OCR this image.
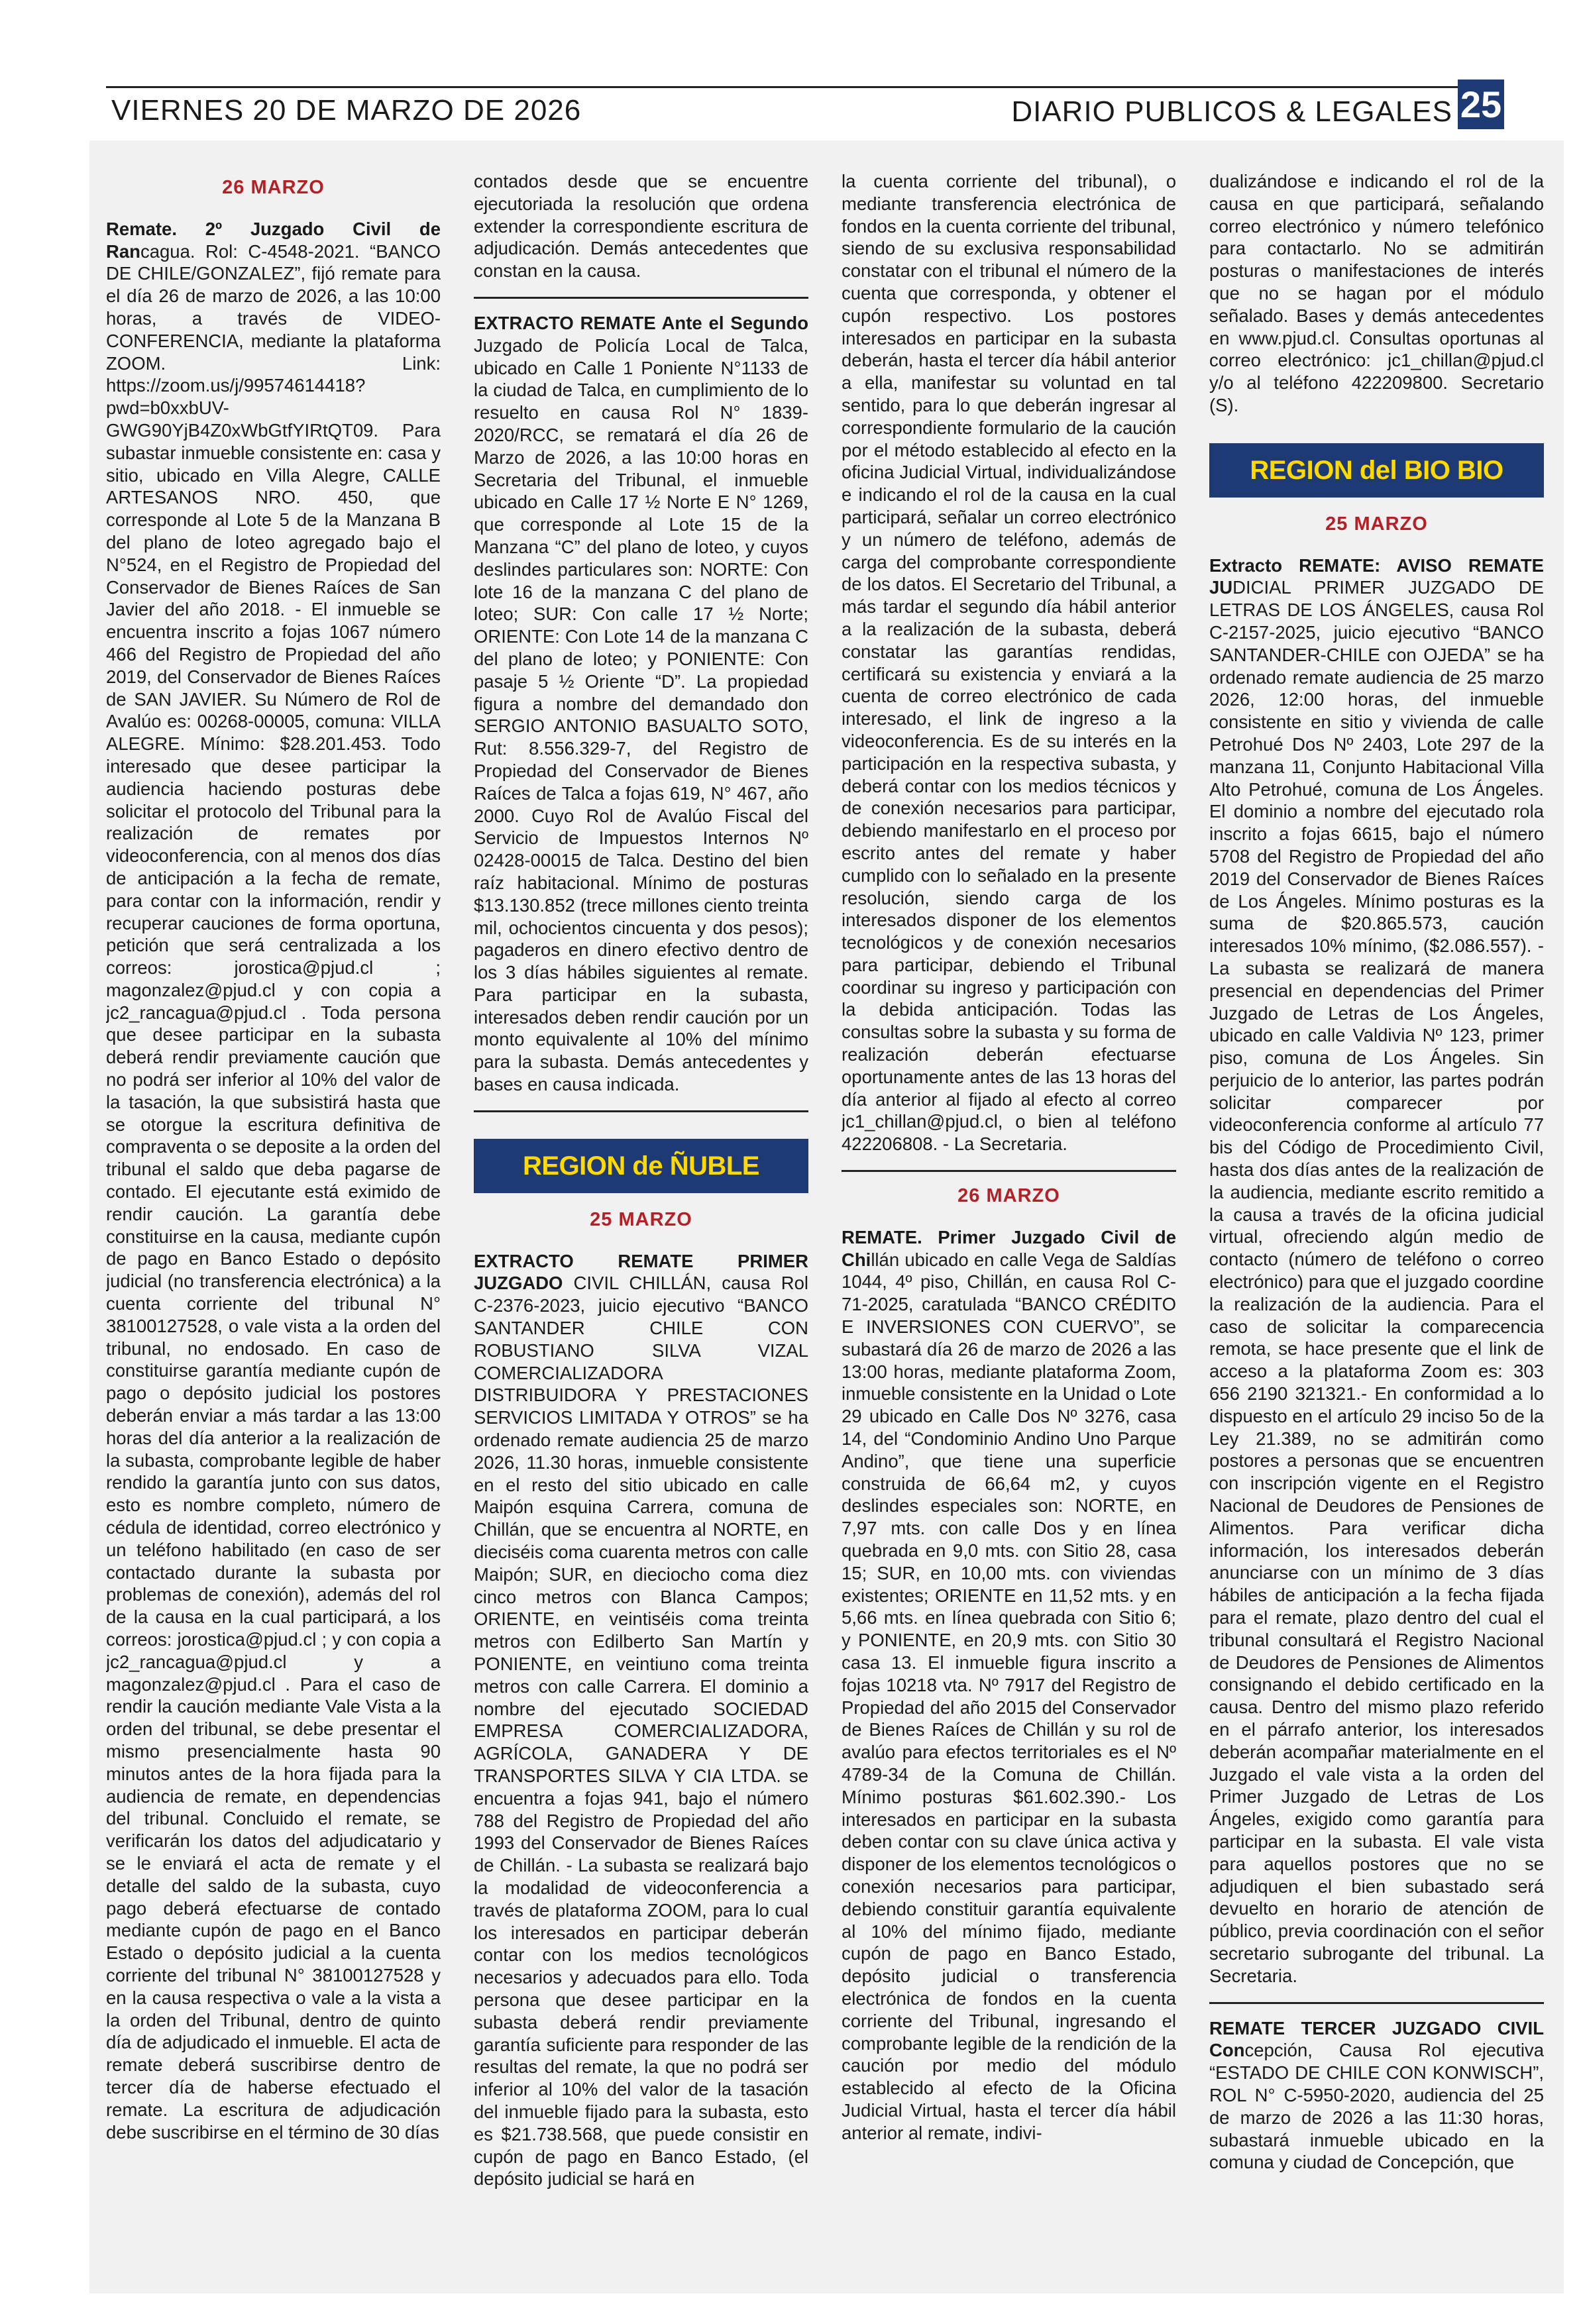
VIERNES 20 DE MARZO DE 2026	DIARIO PUBLICOS & LEGALES 25
26 MARZO

Remate. 2º Juzgado Civil de Rancagua. Rol: C-4548-2021. “BANCO DE CHILE/GONZALEZ”, fijó remate para el día 26 de marzo de 2026, a las 10:00 horas, a través de VIDEO-CONFERENCIA, mediante la plataforma ZOOM. Link: https://zoom.us/j/99574614418? pwd=b0xxbUV-GWG90YjB4Z0xWbGtfYIRtQT09. Para subastar inmueble consistente en: casa y sitio, ubicado en Villa Alegre, CALLE ARTESANOS NRO. 450, que corresponde al Lote 5 de la Manzana B del plano de loteo agregado bajo el N°524, en el Registro de Propiedad del Conservador de Bienes Raíces de San Javier del año 2018. - El inmueble se encuentra inscrito a fojas 1067 número 466 del Registro de Propiedad del año 2019, del Conservador de Bienes Raíces de SAN JAVIER. Su Número de Rol de Avalúo es: 00268-00005, comuna: VILLA ALEGRE. Mínimo: $28.201.453. Todo interesado que desee participar la audiencia haciendo posturas debe solicitar el protocolo del Tribunal para la realización de remates por videoconferencia, con al menos dos días de anticipación a la fecha de remate, para contar con la información, rendir y recuperar cauciones de forma oportuna, petición que será centralizada a los correos: jorostica@pjud.cl ; magonzalez@pjud.cl y con copia a jc2_rancagua@pjud.cl . Toda persona que desee participar en la subasta deberá rendir previamente caución que no podrá ser inferior al 10% del valor de la tasación, la que subsistirá hasta que se otorgue la escritura definitiva de compraventa o se deposite a la orden del tribunal el saldo que deba pagarse de contado. El ejecutante está eximido de rendir caución. La garantía debe constituirse en la causa, mediante cupón de pago en Banco Estado o depósito judicial (no transferencia electrónica) a la cuenta corriente del tribunal N° 38100127528, o vale vista a la orden del tribunal, no endosado. En caso de constituirse garantía mediante cupón de pago o depósito judicial los postores deberán enviar a más tardar a las 13:00 horas del día anterior a la realización de la subasta, comprobante legible de haber rendido la garantía junto con sus datos, esto es nombre completo, número de cédula de identidad, correo electrónico y un teléfono habilitado (en caso de ser contactado durante la subasta por problemas de conexión), además del rol de la causa en la cual participará, a los correos: jorostica@pjud.cl ; y con copia a jc2_rancagua@pjud.cl y a magonzalez@pjud.cl . Para el caso de rendir la caución mediante Vale Vista a la orden del tribunal, se debe presentar el mismo presencialmente hasta 90 minutos antes de la hora fijada para la audiencia de remate, en dependencias del tribunal. Concluido el remate, se verificarán los datos del adjudicatario y se le enviará el acta de remate y el detalle del saldo de la subasta, cuyo pago deberá efectuarse de contado mediante cupón de pago en el Banco Estado o depósito judicial a la cuenta corriente del tribunal N° 38100127528 y en la causa respectiva o vale a la vista a la orden del Tribunal, dentro de quinto día de adjudicado el inmueble. El acta de remate deberá suscribirse dentro de tercer día de haberse efectuado el remate. La escritura de adjudicación debe suscribirse en el término de 30 días

contados desde que se encuentre ejecutoriada la resolución que ordena extender la correspondiente escritura de adjudicación. Demás antecedentes que constan en la causa.

EXTRACTO REMATE Ante el Segundo Juzgado de Policía Local de Talca, ubicado en Calle 1 Poniente N°1133 de la ciudad de Talca, en cumplimiento de lo resuelto en causa Rol N° 1839-2020/RCC, se rematará el día 26 de Marzo de 2026, a las 10:00 horas en Secretaria del Tribunal, el inmueble ubicado en Calle 17 ½ Norte E N° 1269, que corresponde al Lote 15 de la Manzana “C” del plano de loteo, y cuyos deslindes particulares son: NORTE: Con lote 16 de la manzana C del plano de loteo; SUR: Con calle 17 ½ Norte; ORIENTE: Con Lote 14 de la manzana C del plano de loteo; y PONIENTE: Con pasaje 5 ½ Oriente “D”. La propiedad figura a nombre del demandado don SERGIO ANTONIO BASUALTO SOTO, Rut: 8.556.329-7, del Registro de Propiedad del Conservador de Bienes Raíces de Talca a fojas 619, N° 467, año 2000. Cuyo Rol de Avalúo Fiscal del Servicio de Impuestos Internos Nº 02428-00015 de Talca. Destino del bien raíz habitacional. Mínimo de posturas $13.130.852 (trece millones ciento treinta mil, ochocientos cincuenta y dos pesos); pagaderos en dinero efectivo dentro de los 3 días hábiles siguientes al remate. Para participar en la subasta, interesados deben rendir caución por un monto equivalente al 10% del mínimo para la subasta. Demás antecedentes y bases en causa indicada.

REGION de ÑUBLE
25 MARZO

EXTRACTO REMATE PRIMER JUZGADO CIVIL CHILLÁN, causa Rol C-2376-2023, juicio ejecutivo “BANCO SANTANDER CHILE CON ROBUSTIANO SILVA VIZAL COMERCIALIZADORA DISTRIBUIDORA Y PRESTACIONES SERVICIOS LIMITADA Y OTROS” se ha ordenado remate audiencia 25 de marzo 2026, 11.30 horas, inmueble consistente en el resto del sitio ubicado en calle Maipón esquina Carrera, comuna de Chillán, que se encuentra al NORTE, en dieciséis coma cuarenta metros con calle Maipón; SUR, en dieciocho coma diez cinco metros con Blanca Campos; ORIENTE, en veintiséis coma treinta metros con Edilberto San Martín y PONIENTE, en veintiuno coma treinta metros con calle Carrera. El dominio a nombre del ejecutado SOCIEDAD EMPRESA COMERCIALIZADORA, AGRÍCOLA, GANADERA Y DE TRANSPORTES SILVA Y CIA LTDA. se encuentra a fojas 941, bajo el número 788 del Registro de Propiedad del año 1993 del Conservador de Bienes Raíces de Chillán. - La subasta se realizará bajo la modalidad de videoconferencia a través de plataforma ZOOM, para lo cual los interesados en participar deberán contar con los medios tecnológicos necesarios y adecuados para ello. Toda persona que desee participar en la subasta deberá rendir previamente garantía suficiente para responder de las resultas del remate, la que no podrá ser inferior al 10% del valor de la tasación del inmueble fijado para la subasta, esto es $21.738.568, que puede consistir en cupón de pago en Banco Estado, (el depósito judicial se hará en

la cuenta corriente del tribunal), o mediante transferencia electrónica de fondos en la cuenta corriente del tribunal, siendo de su exclusiva responsabilidad constatar con el tribunal el número de la cuenta que corresponda, y obtener el cupón respectivo. Los postores interesados en participar en la subasta deberán, hasta el tercer día hábil anterior a ella, manifestar su voluntad en tal sentido, para lo que deberán ingresar al correspondiente formulario de la caución por el método establecido al efecto en la oficina Judicial Virtual, individualizándose e indicando el rol de la causa en la cual participará, señalar un correo electrónico y un número de teléfono, además de carga del comprobante correspondiente de los datos. El Secretario del Tribunal, a más tardar el segundo día hábil anterior a la realización de la subasta, deberá constatar las garantías rendidas, certificará su existencia y enviará a la cuenta de correo electrónico de cada interesado, el link de ingreso a la videoconferencia. Es de su interés en la participación en la respectiva subasta, y deberá contar con los medios técnicos y de conexión necesarios para participar, debiendo manifestarlo en el proceso por escrito antes del remate y haber cumplido con lo señalado en la presente resolución, siendo carga de los interesados disponer de los elementos tecnológicos y de conexión necesarios para participar, debiendo el Tribunal coordinar su ingreso y participación con la debida anticipación. Todas las consultas sobre la subasta y su forma de realización deberán efectuarse oportunamente antes de las 13 horas del día anterior al fijado al efecto al correo jc1_chillan@pjud.cl, o bien al teléfono 422206808. - La Secretaria.

26 MARZO

REMATE. Primer Juzgado Civil de Chillán ubicado en calle Vega de Saldías 1044, 4º piso, Chillán, en causa Rol C-71-2025, caratulada “BANCO CRÉDITO E INVERSIONES CON CUERVO”, se subastará día 26 de marzo de 2026 a las 13:00 horas, mediante plataforma Zoom, inmueble consistente en la Unidad o Lote 29 ubicado en Calle Dos Nº 3276, casa 14, del “Condominio Andino Uno Parque Andino”, que tiene una superficie construida de 66,64 m2, y cuyos deslindes especiales son: NORTE, en 7,97 mts. con calle Dos y en línea quebrada en 9,0 mts. con Sitio 28, casa 15; SUR, en 10,00 mts. con viviendas existentes; ORIENTE en 11,52 mts. y en 5,66 mts. en línea quebrada con Sitio 6; y PONIENTE, en 20,9 mts. con Sitio 30 casa 13. El inmueble figura inscrito a fojas 10218 vta. Nº 7917 del Registro de Propiedad del año 2015 del Conservador de Bienes Raíces de Chillán y su rol de avalúo para efectos territoriales es el Nº 4789-34 de la Comuna de Chillán. Mínimo posturas $61.602.390.- Los interesados en participar en la subasta deben contar con su clave única activa y disponer de los elementos tecnológicos o conexión necesarios para participar, debiendo constituir garantía equivalente al 10% del mínimo fijado, mediante cupón de pago en Banco Estado, depósito judicial o transferencia electrónica de fondos en la cuenta corriente del Tribunal, ingresando el comprobante legible de la rendición de la caución por medio del módulo establecido al efecto de la Oficina Judicial Virtual, hasta el tercer día hábil anterior al remate, indivi-

dualizándose e indicando el rol de la causa en que participará, señalando correo electrónico y número telefónico para contactarlo. No se admitirán posturas o manifestaciones de interés que no se hagan por el módulo señalado. Bases y demás antecedentes en www.pjud.cl. Consultas oportunas al correo electrónico: jc1_chillan@pjud.cl y/o al teléfono 422209800. Secretario (S).

REGION del BIO BIO
25 MARZO

Extracto REMATE: AVISO REMATE JUDICIAL PRIMER JUZGADO DE LETRAS DE LOS ÁNGELES, causa Rol C-2157-2025, juicio ejecutivo “BANCO SANTANDER-CHILE con OJEDA” se ha ordenado remate audiencia de 25 marzo 2026, 12:00 horas, del inmueble consistente en sitio y vivienda de calle Petrohué Dos Nº 2403, Lote 297 de la manzana 11, Conjunto Habitacional Villa Alto Petrohué, comuna de Los Ángeles. El dominio a nombre del ejecutado rola inscrito a fojas 6615, bajo el número 5708 del Registro de Propiedad del año 2019 del Conservador de Bienes Raíces de Los Ángeles. Mínimo posturas es la suma de $20.865.573, caución interesados 10% mínimo, ($2.086.557). - La subasta se realizará de manera presencial en dependencias del Primer Juzgado de Letras de Los Ángeles, ubicado en calle Valdivia Nº 123, primer piso, comuna de Los Ángeles. Sin perjuicio de lo anterior, las partes podrán solicitar comparecer por videoconferencia conforme al artículo 77 bis del Código de Procedimiento Civil, hasta dos días antes de la realización de la audiencia, mediante escrito remitido a la causa a través de la oficina judicial virtual, ofreciendo algún medio de contacto (número de teléfono o correo electrónico) para que el juzgado coordine la realización de la audiencia. Para el caso de solicitar la comparecencia remota, se hace presente que el link de acceso a la plataforma Zoom es: 303 656 2190 321321.- En conformidad a lo dispuesto en el artículo 29 inciso 5o de la Ley 21.389, no se admitirán como postores a personas que se encuentren con inscripción vigente en el Registro Nacional de Deudores de Pensiones de Alimentos. Para verificar dicha información, los interesados deberán anunciarse con un mínimo de 3 días hábiles de anticipación a la fecha fijada para el remate, plazo dentro del cual el tribunal consultará el Registro Nacional de Deudores de Pensiones de Alimentos consignando el debido certificado en la causa. Dentro del mismo plazo referido en el párrafo anterior, los interesados deberán acompañar materialmente en el Juzgado el vale vista a la orden del Primer Juzgado de Letras de Los Ángeles, exigido como garantía para participar en la subasta. El vale vista para aquellos postores que no se adjudiquen el bien subastado será devuelto en horario de atención de público, previa coordinación con el señor secretario subrogante del tribunal. La Secretaria.

REMATE TERCER JUZGADO CIVIL Concepción, Causa Rol ejecutiva “ESTADO DE CHILE CON KONWISCH”, ROL N° C-5950-2020, audiencia del 25 de marzo de 2026 a las 11:30 horas, subastará inmueble ubicado en la comuna y ciudad de Concepción, que
